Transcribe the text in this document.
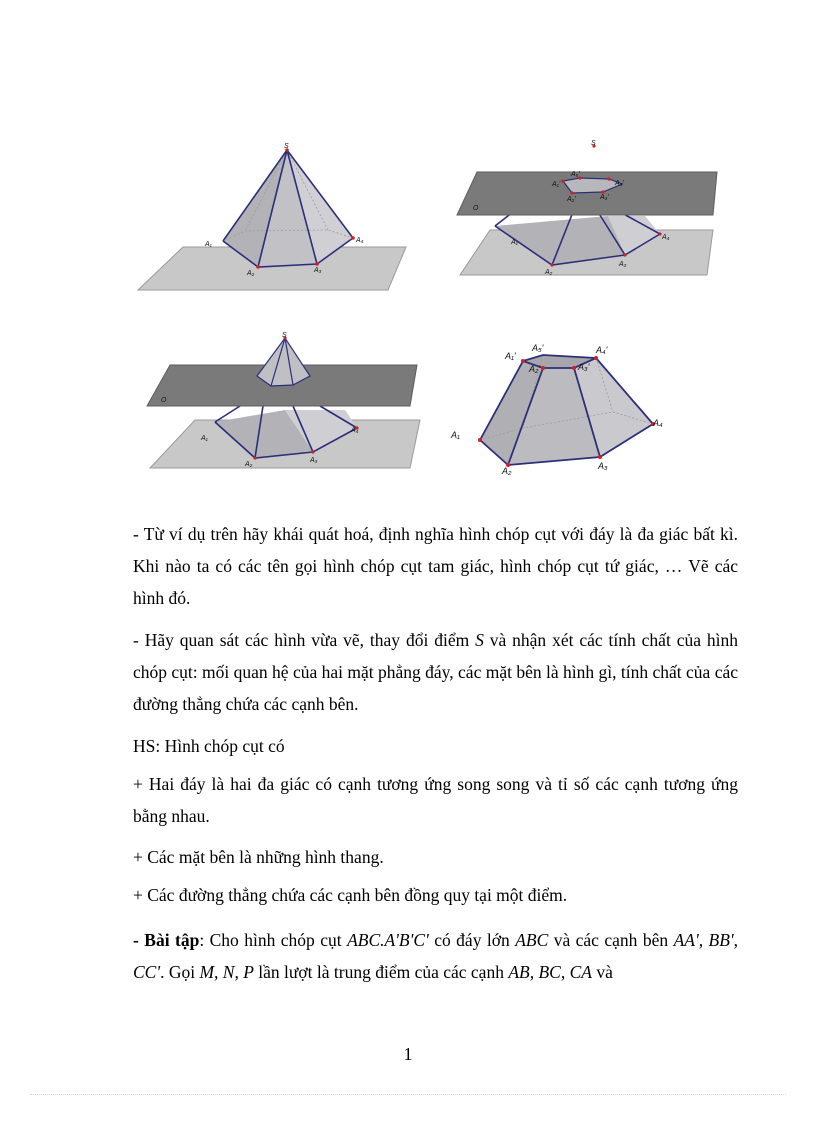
S
A₁
A₂	A₃
A₄
S
O
A₁
A₂
A₃
A₄
A₁'
A₅'
A₄'
A₂'	A₃'
S
O
A₁
A₂
A₃
A₄	A₁
A₂	A₃
A₄
A₁'
A₅'	A₄'
A₂'	A₃'

- Từ ví dụ trên hãy khái quát hoá, định nghĩa hình chóp cụt với đáy là đa giác bất kì. Khi nào ta có các tên gọi hình chóp cụt tam giác, hình chóp cụt tứ giác, … Vẽ các hình đó.

- Hãy quan sát các hình vừa vẽ, thay đổi điểm S và nhận xét các tính chất của hình chóp cụt: mối quan hệ của hai mặt phẳng đáy, các mặt bên là hình gì, tính chất của các đường thẳng chứa các cạnh bên.

HS: Hình chóp cụt có

+ Hai đáy là hai đa giác có cạnh tương ứng song song và tỉ số các cạnh tương ứng bằng nhau.

+ Các mặt bên là những hình thang.

+ Các đường thẳng chứa các cạnh bên đồng quy tại một điểm.

- Bài tập: Cho hình chóp cụt ABC.A'B'C' có đáy lớn ABC và các cạnh bên AA', BB', CC'. Gọi M, N, P lần lượt là trung điểm của các cạnh AB, BC, CA và

1
